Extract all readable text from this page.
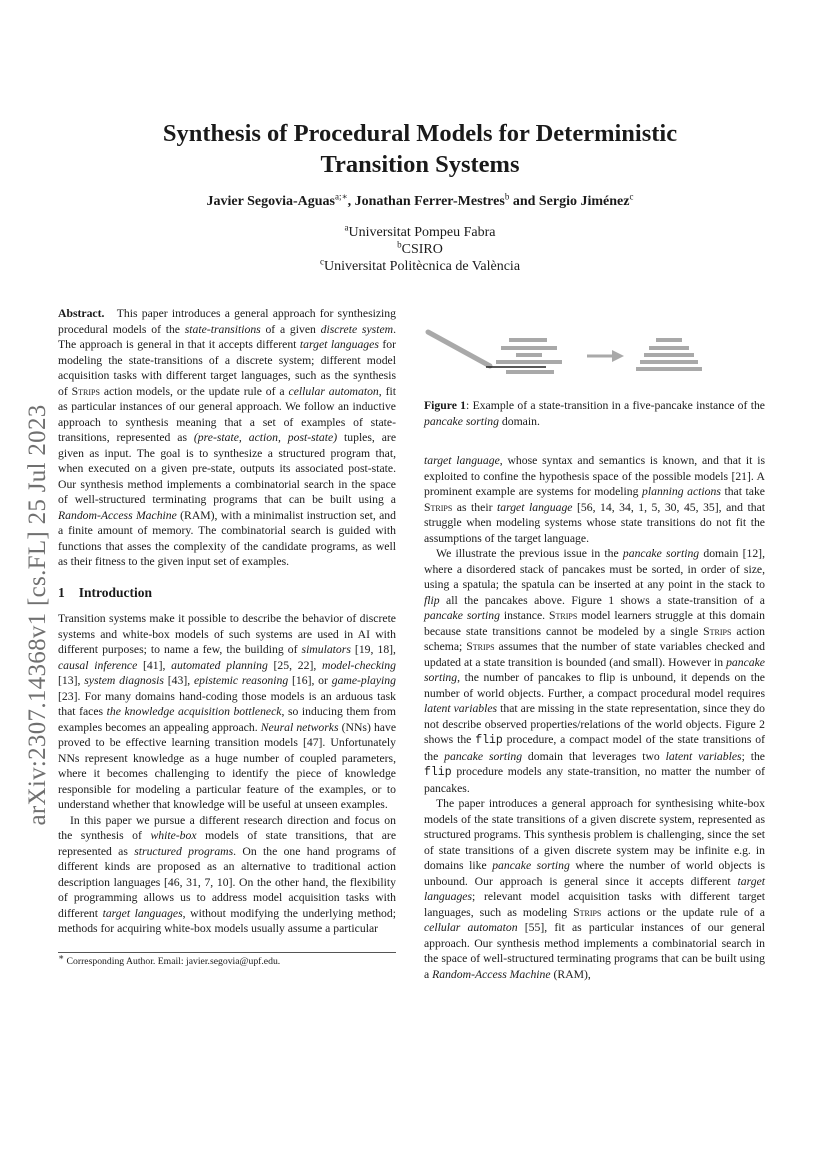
arXiv:2307.14368v1 [cs.FL] 25 Jul 2023
Synthesis of Procedural Models for Deterministic
Transition Systems
Javier Segovia-Aguas$^{a;∗}$, Jonathan Ferrer-Mestres$^b$ and Sergio Jiménez$^c$
$^a$Universitat Pompeu Fabra
$^b$CSIRO
$^c$Universitat Politècnica de València

Abstract. This paper introduces a general approach for synthesizing procedural models of the state-transitions of a given discrete system. The approach is general in that it accepts different target languages for modeling the state-transitions of a discrete system; different model acquisition tasks with different target languages, such as the synthesis of Strips action models, or the update rule of a cellular automaton, fit as particular instances of our general approach. We follow an inductive approach to synthesis meaning that a set of examples of state-transitions, represented as (pre-state, action, post-state) tuples, are given as input. The goal is to synthesize a structured program that, when executed on a given pre-state, outputs its associated post-state. Our synthesis method implements a combinatorial search in the space of well-structured terminating programs that can be built using a Random-Access Machine (RAM), with a minimalist instruction set, and a finite amount of memory. The combinatorial search is guided with functions that asses the complexity of the candidate programs, as well as their fitness to the given input set of examples.

1 Introduction

Transition systems make it possible to describe the behavior of discrete systems and white-box models of such systems are used in AI with different purposes; to name a few, the building of simulators [19, 18], causal inference [41], automated planning [25, 22], model-checking [13], system diagnosis [43], epistemic reasoning [16], or game-playing [23]. For many domains hand-coding those models is an arduous task that faces the knowledge acquisition bottleneck, so inducing them from examples becomes an appealing approach. Neural networks (NNs) have proved to be effective learning transition models [47]. Unfortunately NNs represent knowledge as a huge number of coupled parameters, where it becomes challenging to identify the piece of knowledge responsible for modeling a particular feature of the examples, or to understand whether that knowledge will be useful at unseen examples.

In this paper we pursue a different research direction and focus on the synthesis of white-box models of state transitions, that are represented as structured programs. On the one hand programs of different kinds are proposed as an alternative to traditional action description languages [46, 31, 7, 10]. On the other hand, the flexibility of programming allows us to address model acquisition tasks with different target languages, without modifying the underlying method; methods for acquiring white-box models usually assume a particular

∗ Corresponding Author. Email: javier.segovia@upf.edu.

Figure 1: Example of a state-transition in a five-pancake instance of the pancake sorting domain.

target language, whose syntax and semantics is known, and that it is exploited to confine the hypothesis space of the possible models [21]. A prominent example are systems for modeling planning actions that take Strips as their target language [56, 14, 34, 1, 5, 30, 45, 35], and that struggle when modeling systems whose state transitions do not fit the assumptions of the target language.

We illustrate the previous issue in the pancake sorting domain [12], where a disordered stack of pancakes must be sorted, in order of size, using a spatula; the spatula can be inserted at any point in the stack to flip all the pancakes above. Figure 1 shows a state-transition of a pancake sorting instance. Strips model learners struggle at this domain because state transitions cannot be modeled by a single Strips action schema; Strips assumes that the number of state variables checked and updated at a state transition is bounded (and small). However in pancake sorting, the number of pancakes to flip is unbound, it depends on the number of world objects. Further, a compact procedural model requires latent variables that are missing in the state representation, since they do not describe observed properties/relations of the world objects. Figure 2 shows the flip procedure, a compact model of the state transitions of the pancake sorting domain that leverages two latent variables; the flip procedure models any state-transition, no matter the number of pancakes.

The paper introduces a general approach for synthesising white-box models of the state transitions of a given discrete system, represented as structured programs. This synthesis problem is challenging, since the set of state transitions of a given discrete system may be infinite e.g. in domains like pancake sorting where the number of world objects is unbound. Our approach is general since it accepts different target languages; relevant model acquisition tasks with different target languages, such as modeling Strips actions or the update rule of a cellular automaton [55], fit as particular instances of our general approach. Our synthesis method implements a combinatorial search in the space of well-structured terminating programs that can be built using a Random-Access Machine (RAM),
